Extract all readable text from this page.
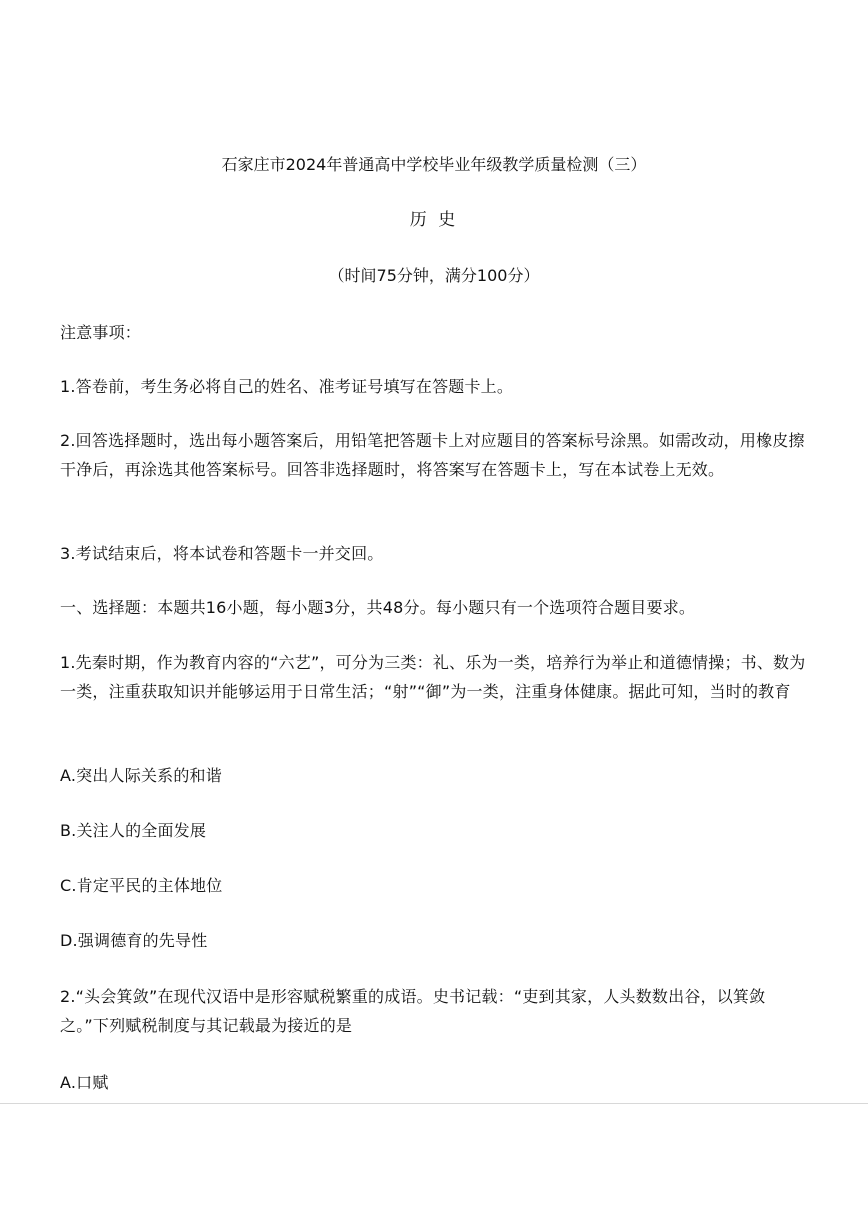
石家庄市2024年普通高中学校毕业年级教学质量检测（三）
历 史
（时间75分钟，满分100分）
注意事项：
1.答卷前，考生务必将自己的姓名、准考证号填写在答题卡上。
2.回答选择题时，选出每小题答案后，用铅笔把答题卡上对应题目的答案标号涂黑。如需改动，用橡皮擦干净后，再涂选其他答案标号。回答非选择题时，将答案写在答题卡上，写在本试卷上无效。
3.考试结束后，将本试卷和答题卡一并交回。
一、选择题：本题共16小题，每小题3分，共48分。每小题只有一个选项符合题目要求。
1.先秦时期，作为教育内容的“六艺”，可分为三类：礼、乐为一类，培养行为举止和道德情操；书、数为一类，注重获取知识并能够运用于日常生活；“射”“御”为一类，注重身体健康。据此可知，当时的教育
A.突出人际关系的和谐
B.关注人的全面发展
C.肯定平民的主体地位
D.强调德育的先导性
2.“头会箕敛”在现代汉语中是形容赋税繁重的成语。史书记载：“吏到其家，人头数数出谷，以箕敛之。”下列赋税制度与其记载最为接近的是
A.口赋
